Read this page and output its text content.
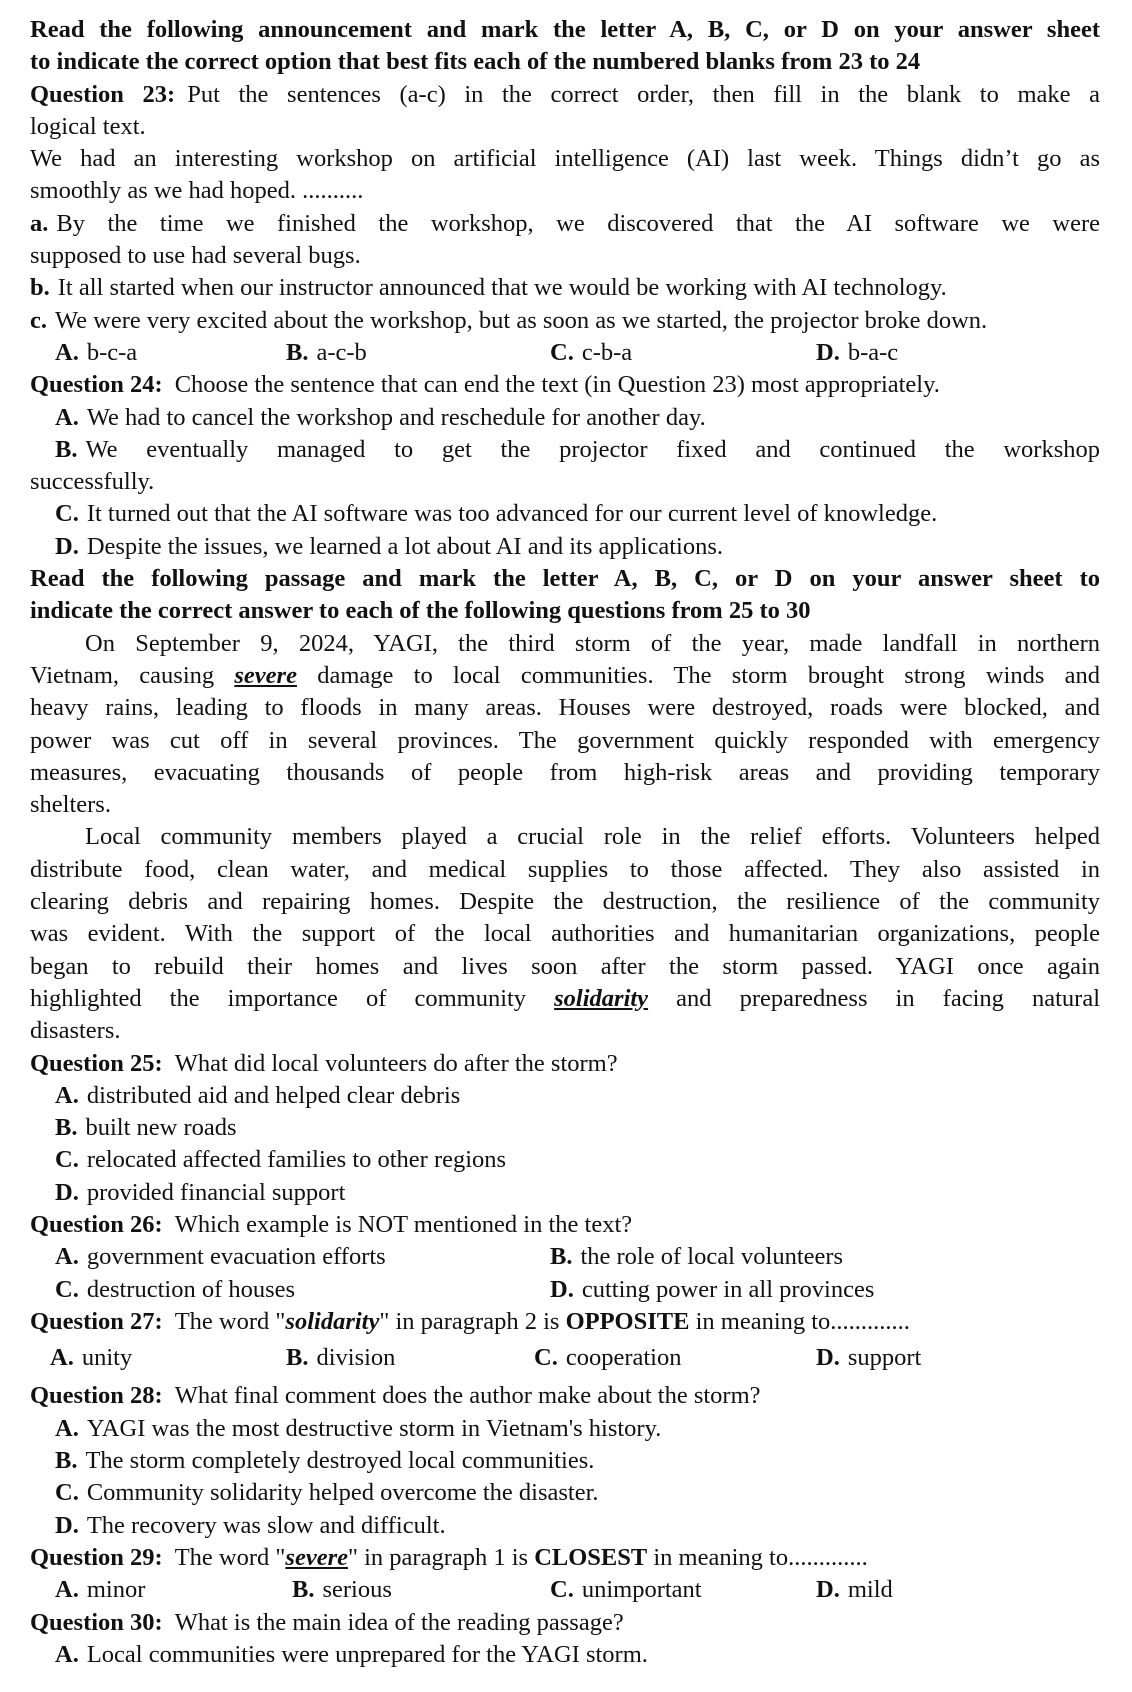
Read the following announcement and mark the letter A, B, C, or D on your answer sheet
to indicate the correct option that best fits each of the numbered blanks from 23 to 24
Question 23: Put the sentences (a-c) in the correct order, then fill in the blank to make a
logical text.
We had an interesting workshop on artificial intelligence (AI) last week. Things didn’t go as
smoothly as we had hoped. ..........
a. By the time we finished the workshop, we discovered that the AI software we were
supposed to use had several bugs.
b. It all started when our instructor announced that we would be working with AI technology.
c. We were very excited about the workshop, but as soon as we started, the projector broke down.
A. b-c-a	B. a-c-b	C. c-b-a	D. b-a-c
Question 24: Choose the sentence that can end the text (in Question 23) most appropriately.
A. We had to cancel the workshop and reschedule for another day.
B. We eventually managed to get the projector fixed and continued the workshop
successfully.
C. It turned out that the AI software was too advanced for our current level of knowledge.
D. Despite the issues, we learned a lot about AI and its applications.
Read the following passage and mark the letter A, B, C, or D on your answer sheet to
indicate the correct answer to each of the following questions from 25 to 30
On September 9, 2024, YAGI, the third storm of the year, made landfall in northern
Vietnam, causing severe damage to local communities. The storm brought strong winds and
heavy rains, leading to floods in many areas. Houses were destroyed, roads were blocked, and
power was cut off in several provinces. The government quickly responded with emergency
measures, evacuating thousands of people from high-risk areas and providing temporary
shelters.
Local community members played a crucial role in the relief efforts. Volunteers helped
distribute food, clean water, and medical supplies to those affected. They also assisted in
clearing debris and repairing homes. Despite the destruction, the resilience of the community
was evident. With the support of the local authorities and humanitarian organizations, people
began to rebuild their homes and lives soon after the storm passed. YAGI once again
highlighted the importance of community solidarity and preparedness in facing natural
disasters.
Question 25: What did local volunteers do after the storm?
A. distributed aid and helped clear debris
B. built new roads
C. relocated affected families to other regions
D. provided financial support
Question 26: Which example is NOT mentioned in the text?
A. government evacuation efforts	B. the role of local volunteers
C. destruction of houses	D. cutting power in all provinces
Question 27: The word "solidarity" in paragraph 2 is OPPOSITE in meaning to.............
A. unity	B. division	C. cooperation	D. support
Question 28: What final comment does the author make about the storm?
A. YAGI was the most destructive storm in Vietnam's history.
B. The storm completely destroyed local communities.
C. Community solidarity helped overcome the disaster.
D. The recovery was slow and difficult.
Question 29: The word "severe" in paragraph 1 is CLOSEST in meaning to.............
A. minor	B. serious	C. unimportant	D. mild
Question 30: What is the main idea of the reading passage?
A. Local communities were unprepared for the YAGI storm.
